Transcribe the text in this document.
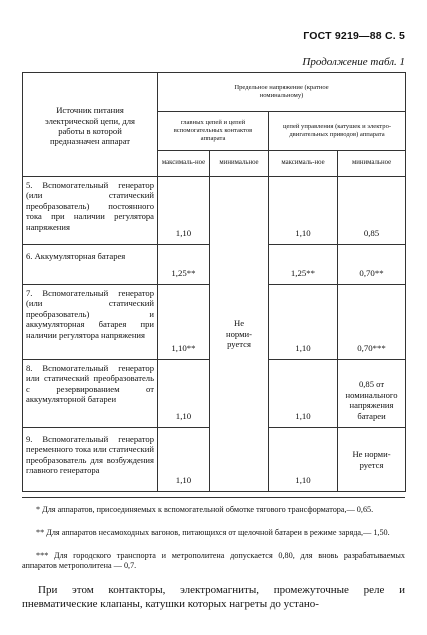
ГОСТ 9219—88 С. 5
Продолжение табл. 1
Источник питания электрической цепи, для работы в которой предназначен аппарат	Предельное напряжение (кратное номинальному)			
	главных цепей и цепей вспомогательных контактов аппарата		цепей управления (катушек и электро-двигательных приводов) аппарата	
	максималь-ное	минимальное	максималь-ное	минимальное
5. Вспомогательный генератор (или статический преобразователь) постоянного тока при наличии регулятора напряжения	1,10	Не норми-руется	1,10	0,85
6. Аккумуляторная батарея	1,25**		1,25**	0,70**
7. Вспомогательный генератор (или статический преобразователь) и аккумуляторная батарея при наличии регулятора напряжения	1,10**		1,10	0,70***
8. Вспомогательный генератор или статический преобразователь с резервированием от аккумуляторной батареи	1,10		1,10	0,85 от номинального напряжения батареи
9. Вспомогательный генератор переменного тока или статический преобразователь для возбуждения главного генератора	1,10		1,10	Не норми-руется
* Для аппаратов, присоединяемых к вспомогательной обмотке тягового трансформатора,— 0,65.
** Для аппаратов несамоходных вагонов, питающихся от щелочной батареи в режиме заряда,— 1,50.
*** Для городского транспорта и метрополитена допускается 0,80, для вновь разрабатываемых аппаратов метрополитена — 0,7.
При этом контакторы, электромагниты, промежуточные реле и пневматические клапаны, катушки которых нагреты до устано-
